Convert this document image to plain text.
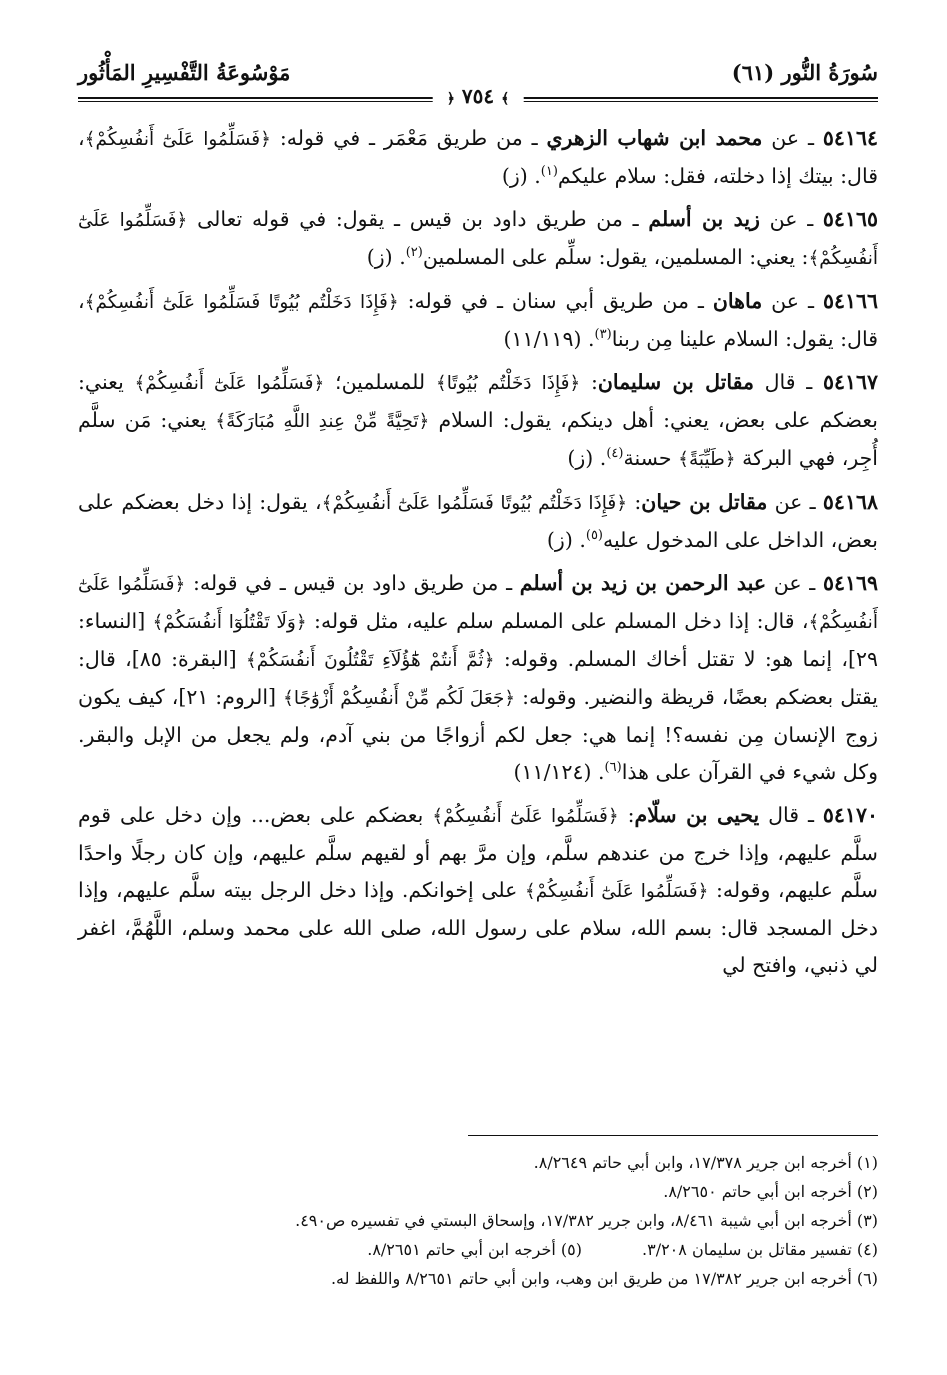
سُورَةُ النُّور (٦١)
مَوْسُوعَةُ التَّفْسِيرِ المَأْثُور
﴾ ٧٥٤ ﴿

٥٤١٦٤ ـ عن محمد ابن شهاب الزهري ـ من طريق مَعْمَر ـ في قوله: ﴿فَسَلِّمُوا عَلَىٰٓ أَنفُسِكُمْ﴾، قال: بيتك إذا دخلته، فقل: سلام عليكم$^{(١)}$. (ز)

٥٤١٦٥ ـ عن زيد بن أسلم ـ من طريق داود بن قيس ـ يقول: في قوله تعالى ﴿فَسَلِّمُوا عَلَىٰٓ أَنفُسِكُمْ﴾: يعني: المسلمين، يقول: سلِّم على المسلمين$^{(٢)}$. (ز)

٥٤١٦٦ ـ عن ماهان ـ من طريق أبي سنان ـ في قوله: ﴿فَإِذَا دَخَلْتُم بُيُوتًا فَسَلِّمُوا عَلَىٰٓ أَنفُسِكُمْ﴾، قال: يقول: السلام علينا مِن ربنا$^{(٣)}$. (١١/١١٩)

٥٤١٦٧ ـ قال مقاتل بن سليمان: ﴿فَإِذَا دَخَلْتُم بُيُوتًا﴾ للمسلمين؛ ﴿فَسَلِّمُوا عَلَىٰٓ أَنفُسِكُمْ﴾ يعني: بعضكم على بعض، يعني: أهل دينكم، يقول: السلام ﴿تَحِيَّةً مِّنْ عِندِ اللَّهِ مُبَارَكَةً﴾ يعني: مَن سلَّم أُجِر، فهي البركة ﴿طَيِّبَةً﴾ حسنة$^{(٤)}$. (ز)

٥٤١٦٨ ـ عن مقاتل بن حيان: ﴿فَإِذَا دَخَلْتُم بُيُوتًا فَسَلِّمُوا عَلَىٰٓ أَنفُسِكُمْ﴾، يقول: إذا دخل بعضكم على بعض، الداخل على المدخول عليه$^{(٥)}$. (ز)

٥٤١٦٩ ـ عن عبد الرحمن بن زيد بن أسلم ـ من طريق داود بن قيس ـ في قوله: ﴿فَسَلِّمُوا عَلَىٰٓ أَنفُسِكُمْ﴾، قال: إذا دخل المسلم على المسلم سلم عليه، مثل قوله: ﴿وَلَا تَقْتُلُوٓا أَنفُسَكُمْ﴾ [النساء: ٢٩]، إنما هو: لا تقتل أخاك المسلم. وقوله: ﴿ثُمَّ أَنتُمْ هَٰٓؤُلَآءِ تَقْتُلُونَ أَنفُسَكُمْ﴾ [البقرة: ٨٥]، قال: يقتل بعضكم بعضًا، قريظة والنضير. وقوله: ﴿جَعَلَ لَكُم مِّنْ أَنفُسِكُمْ أَزْوَٰجًا﴾ [الروم: ٢١]، كيف يكون زوج الإنسان مِن نفسه؟! إنما هي: جعل لكم أزواجًا من بني آدم، ولم يجعل من الإبل والبقر. وكل شيء في القرآن على هذا$^{(٦)}$. (١١/١٢٤)

٥٤١٧٠ ـ قال يحيى بن سلّام: ﴿فَسَلِّمُوا عَلَىٰٓ أَنفُسِكُمْ﴾ بعضكم على بعض... وإن دخل على قوم سلَّم عليهم، وإذا خرج من عندهم سلَّم، وإن مرَّ بهم أو لقيهم سلَّم عليهم، وإن كان رجلًا واحدًا سلَّم عليهم، وقوله: ﴿فَسَلِّمُوا عَلَىٰٓ أَنفُسِكُمْ﴾ على إخوانكم. وإذا دخل الرجل بيته سلَّم عليهم، وإذا دخل المسجد قال: بسم الله، سلام على رسول الله، صلى الله على محمد وسلم، اللَّهُمَّ، اغفر لي ذنبي، وافتح لي

(١) أخرجه ابن جرير ١٧/٣٧٨، وابن أبي حاتم ٨/٢٦٤٩.
(٢) أخرجه ابن أبي حاتم ٨/٢٦٥٠.
(٣) أخرجه ابن أبي شيبة ٨/٤٦١، وابن جرير ١٧/٣٨٢، وإسحاق البستي في تفسيره ص٤٩٠.
(٤) تفسير مقاتل بن سليمان ٣/٢٠٨.
(٥) أخرجه ابن أبي حاتم ٨/٢٦٥١.
(٦) أخرجه ابن جرير ١٧/٣٨٢ من طريق ابن وهب، وابن أبي حاتم ٨/٢٦٥١ واللفظ له.
